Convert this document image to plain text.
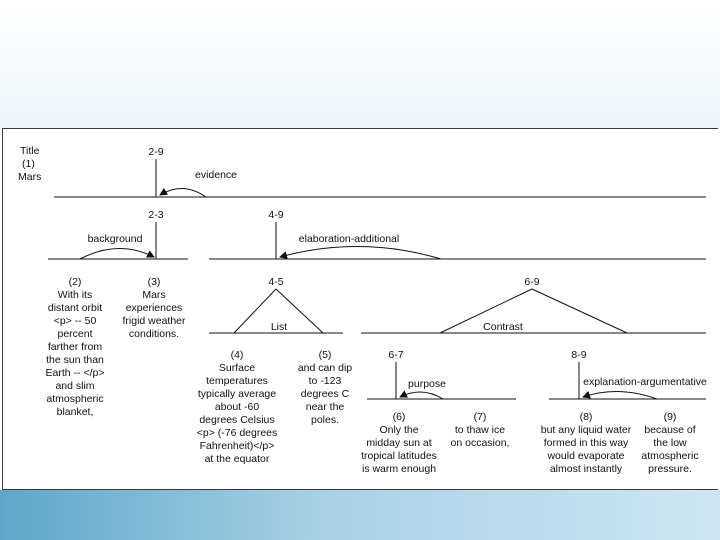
Title
(1)
Mars
2-9
evidence
2-3
background
4-9
elaboration-additional
4-5
List
6-9
Contrast
6-7
purpose
8-9
explanation-argumentative
(2)
With its
distant orbit
<p> -- 50
percent
farther from
the sun than
Earth -- </p>
and slim
atmospheric
blanket,
(3)
Mars
experiences
frigid weather
conditions.
(4)
Surface
temperatures
typically average
about -60
degrees Celsius
<p> (-76 degrees
Fahrenheit)</p>
at the equator
(5)
and can dip
to -123
degrees C
near the
poles.	(6)
Only the
midday sun at
tropical latitudes
is warm enough
(7)
to thaw ice
on occasion,
(8)
but any liquid water
formed in this way
would evaporate
almost instantly
(9)
because of
the low
atmospheric
pressure.
